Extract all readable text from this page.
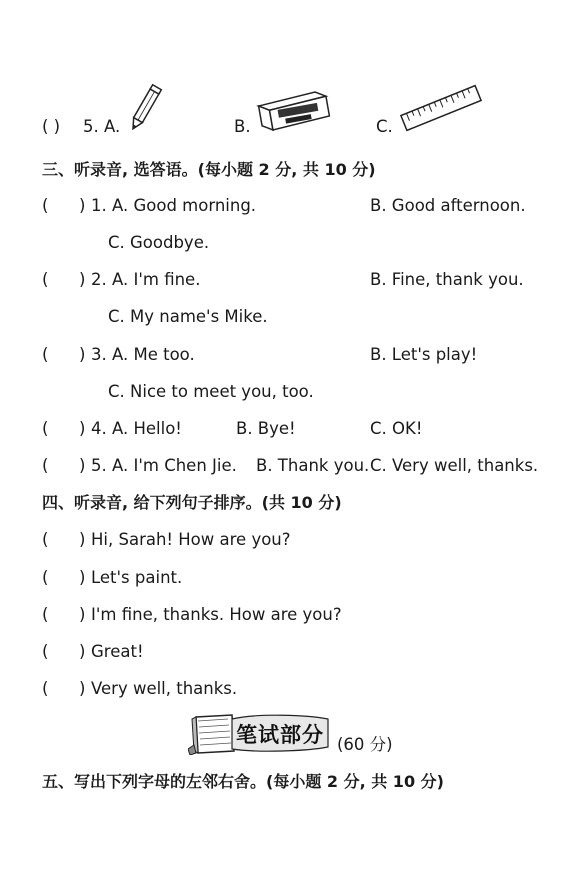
( ) 5. A.	B.	C.
三、听录音, 选答语。(每小题 2 分, 共 10 分)
( ) 1. A. Good morning.	B. Good afternoon.
C. Goodbye.
( ) 2. A. I'm fine.	B. Fine, thank you.
C. My name's Mike.
( ) 3. A. Me too.	B. Let's play!
C. Nice to meet you, too.
( ) 4. A. Hello!	B. Bye!	C. OK!
( ) 5. A. I'm Chen Jie. B. Thank you. C. Very well, thanks.
四、听录音, 给下列句子排序。(共 10 分)
( ) Hi, Sarah! How are you?
( ) Let's paint.
( ) I'm fine, thanks. How are you?
( ) Great!
( ) Very well, thanks.
笔试部分 (60 分)
五、写出下列字母的左邻右舍。(每小题 2 分, 共 10 分)
